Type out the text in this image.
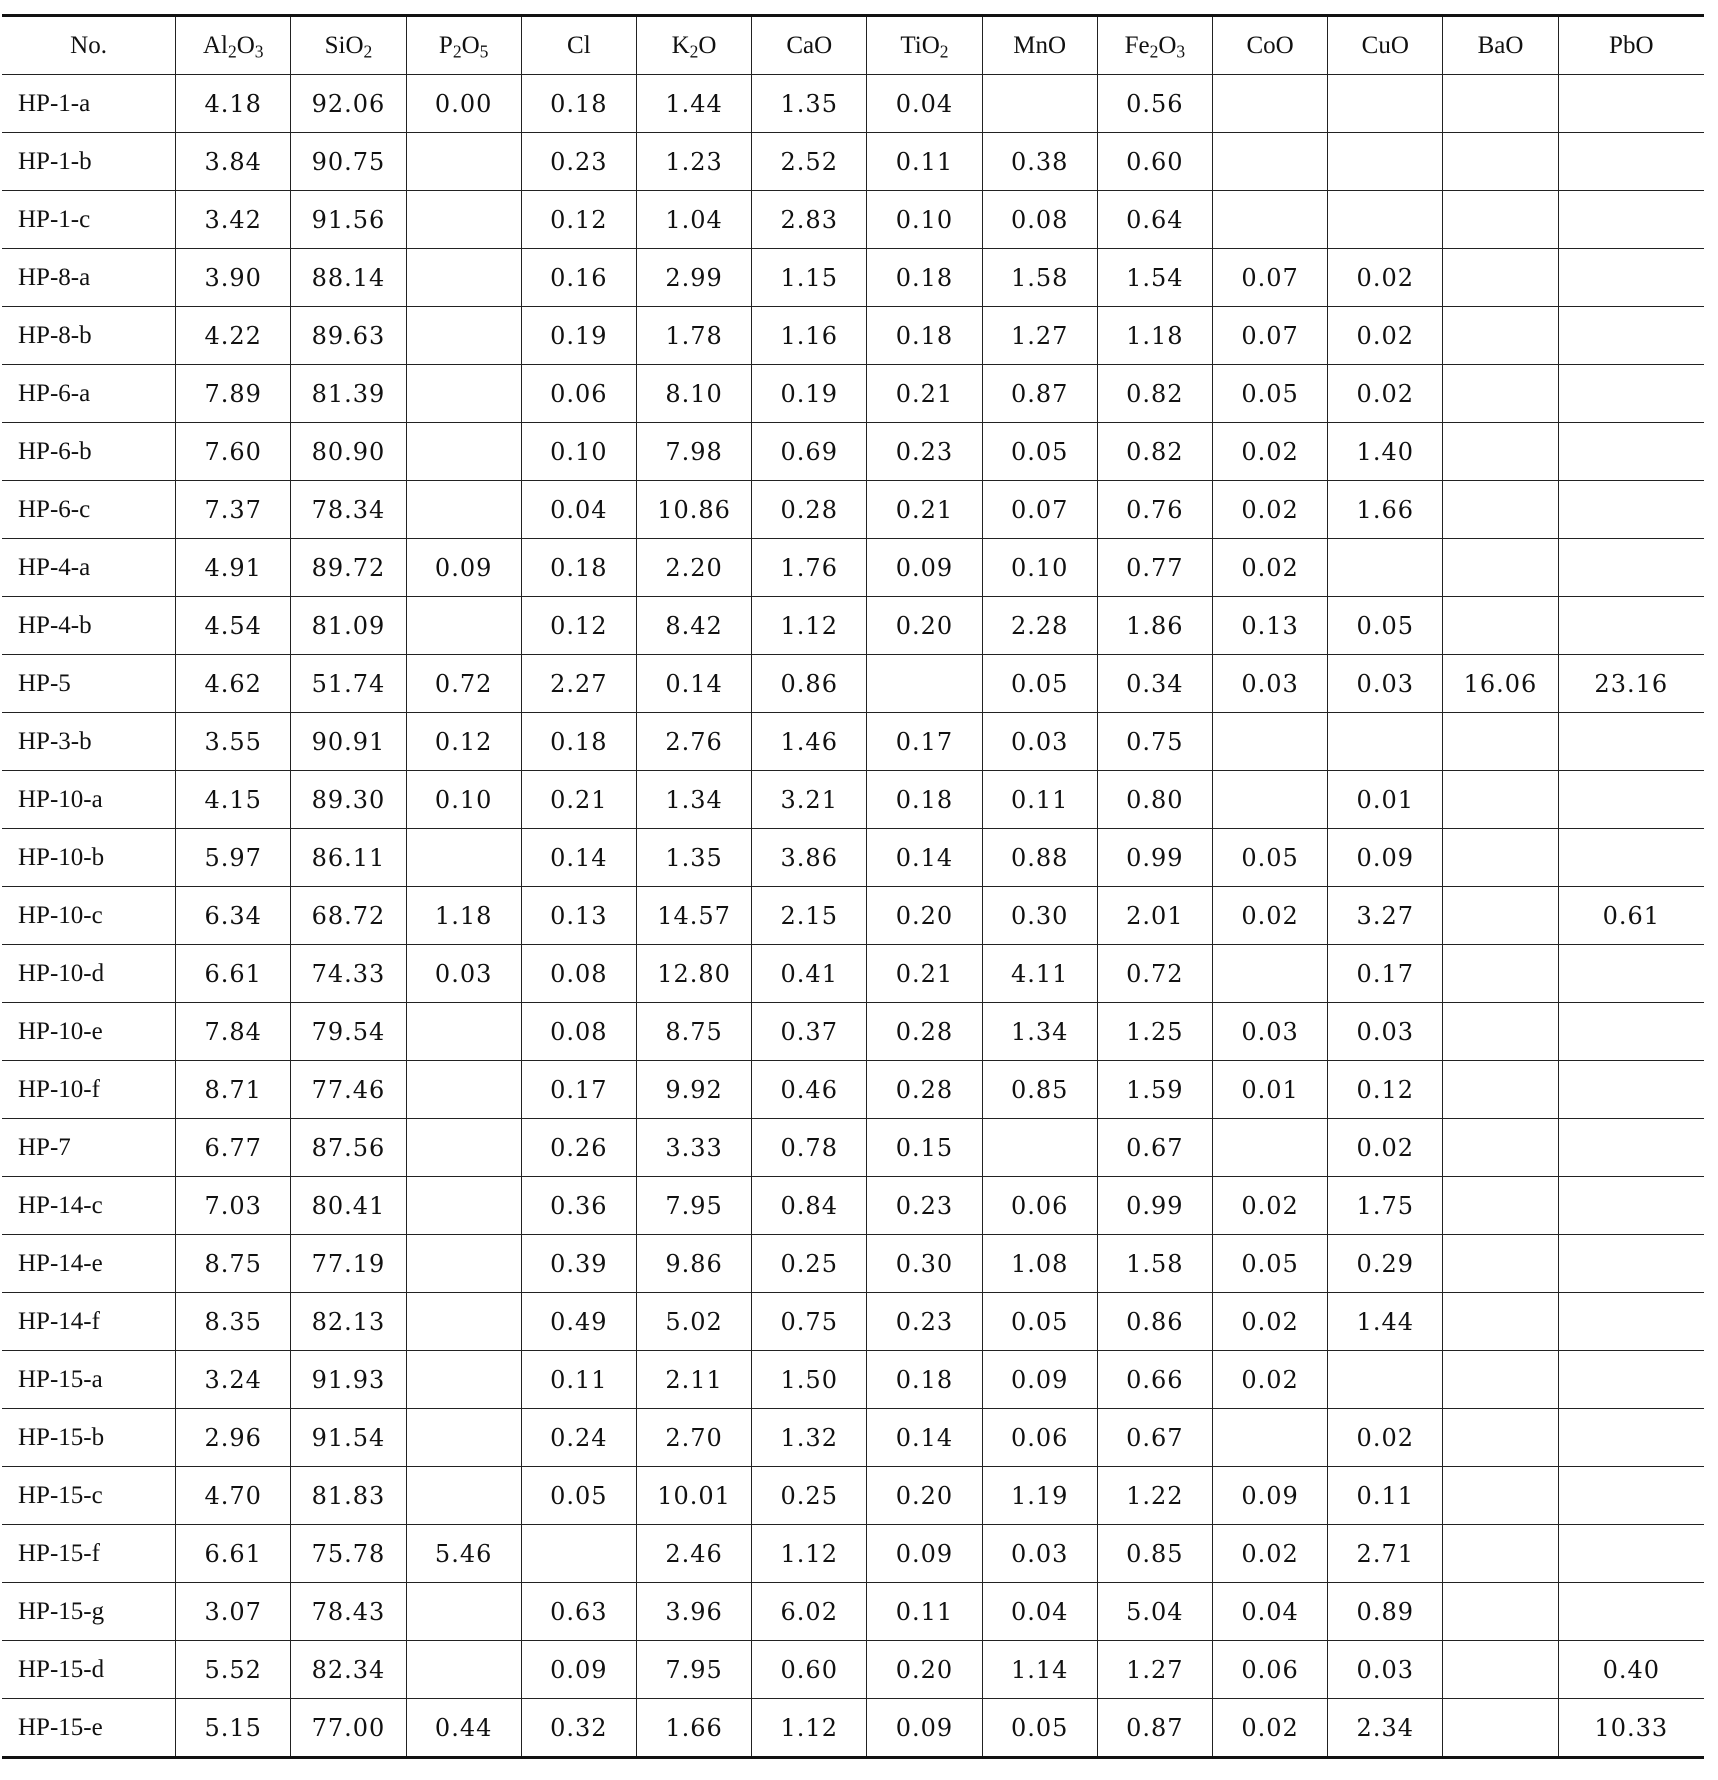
No.	$Al_2O_3$	SiO$_2$	$P_2O_5$	Cl	$K_2O$	CaO	TiO$_2$	MnO	$Fe_2O_3$	CoO	CuO	BaO	PbO
HP-1-a	4.18	92.06	0.00	0.18	1.44	1.35	0.04		0.56				
HP-1-b	3.84	90.75		0.23	1.23	2.52	0.11	0.38	0.60				
HP-1-c	3.42	91.56		0.12	1.04	2.83	0.10	0.08	0.64				
HP-8-a	3.90	88.14		0.16	2.99	1.15	0.18	1.58	1.54	0.07	0.02		
HP-8-b	4.22	89.63		0.19	1.78	1.16	0.18	1.27	1.18	0.07	0.02		
HP-6-a	7.89	81.39		0.06	8.10	0.19	0.21	0.87	0.82	0.05	0.02		
HP-6-b	7.60	80.90		0.10	7.98	0.69	0.23	0.05	0.82	0.02	1.40		
HP-6-c	7.37	78.34		0.04	10.86	0.28	0.21	0.07	0.76	0.02	1.66		
HP-4-a	4.91	89.72	0.09	0.18	2.20	1.76	0.09	0.10	0.77	0.02			
HP-4-b	4.54	81.09		0.12	8.42	1.12	0.20	2.28	1.86	0.13	0.05		
HP-5	4.62	51.74	0.72	2.27	0.14	0.86		0.05	0.34	0.03	0.03	16.06	23.16
HP-3-b	3.55	90.91	0.12	0.18	2.76	1.46	0.17	0.03	0.75				
HP-10-a	4.15	89.30	0.10	0.21	1.34	3.21	0.18	0.11	0.80		0.01		
HP-10-b	5.97	86.11		0.14	1.35	3.86	0.14	0.88	0.99	0.05	0.09		
HP-10-c	6.34	68.72	1.18	0.13	14.57	2.15	0.20	0.30	2.01	0.02	3.27		0.61
HP-10-d	6.61	74.33	0.03	0.08	12.80	0.41	0.21	4.11	0.72		0.17		
HP-10-e	7.84	79.54		0.08	8.75	0.37	0.28	1.34	1.25	0.03	0.03		
HP-10-f	8.71	77.46		0.17	9.92	0.46	0.28	0.85	1.59	0.01	0.12		
HP-7	6.77	87.56		0.26	3.33	0.78	0.15		0.67		0.02		
HP-14-c	7.03	80.41		0.36	7.95	0.84	0.23	0.06	0.99	0.02	1.75		
HP-14-e	8.75	77.19		0.39	9.86	0.25	0.30	1.08	1.58	0.05	0.29		
HP-14-f	8.35	82.13		0.49	5.02	0.75	0.23	0.05	0.86	0.02	1.44		
HP-15-a	3.24	91.93		0.11	2.11	1.50	0.18	0.09	0.66	0.02			
HP-15-b	2.96	91.54		0.24	2.70	1.32	0.14	0.06	0.67		0.02		
HP-15-c	4.70	81.83		0.05	10.01	0.25	0.20	1.19	1.22	0.09	0.11		
HP-15-f	6.61	75.78	5.46		2.46	1.12	0.09	0.03	0.85	0.02	2.71		
HP-15-g	3.07	78.43		0.63	3.96	6.02	0.11	0.04	5.04	0.04	0.89		
HP-15-d	5.52	82.34		0.09	7.95	0.60	0.20	1.14	1.27	0.06	0.03		0.40
HP-15-e	5.15	77.00	0.44	0.32	1.66	1.12	0.09	0.05	0.87	0.02	2.34		10.33
